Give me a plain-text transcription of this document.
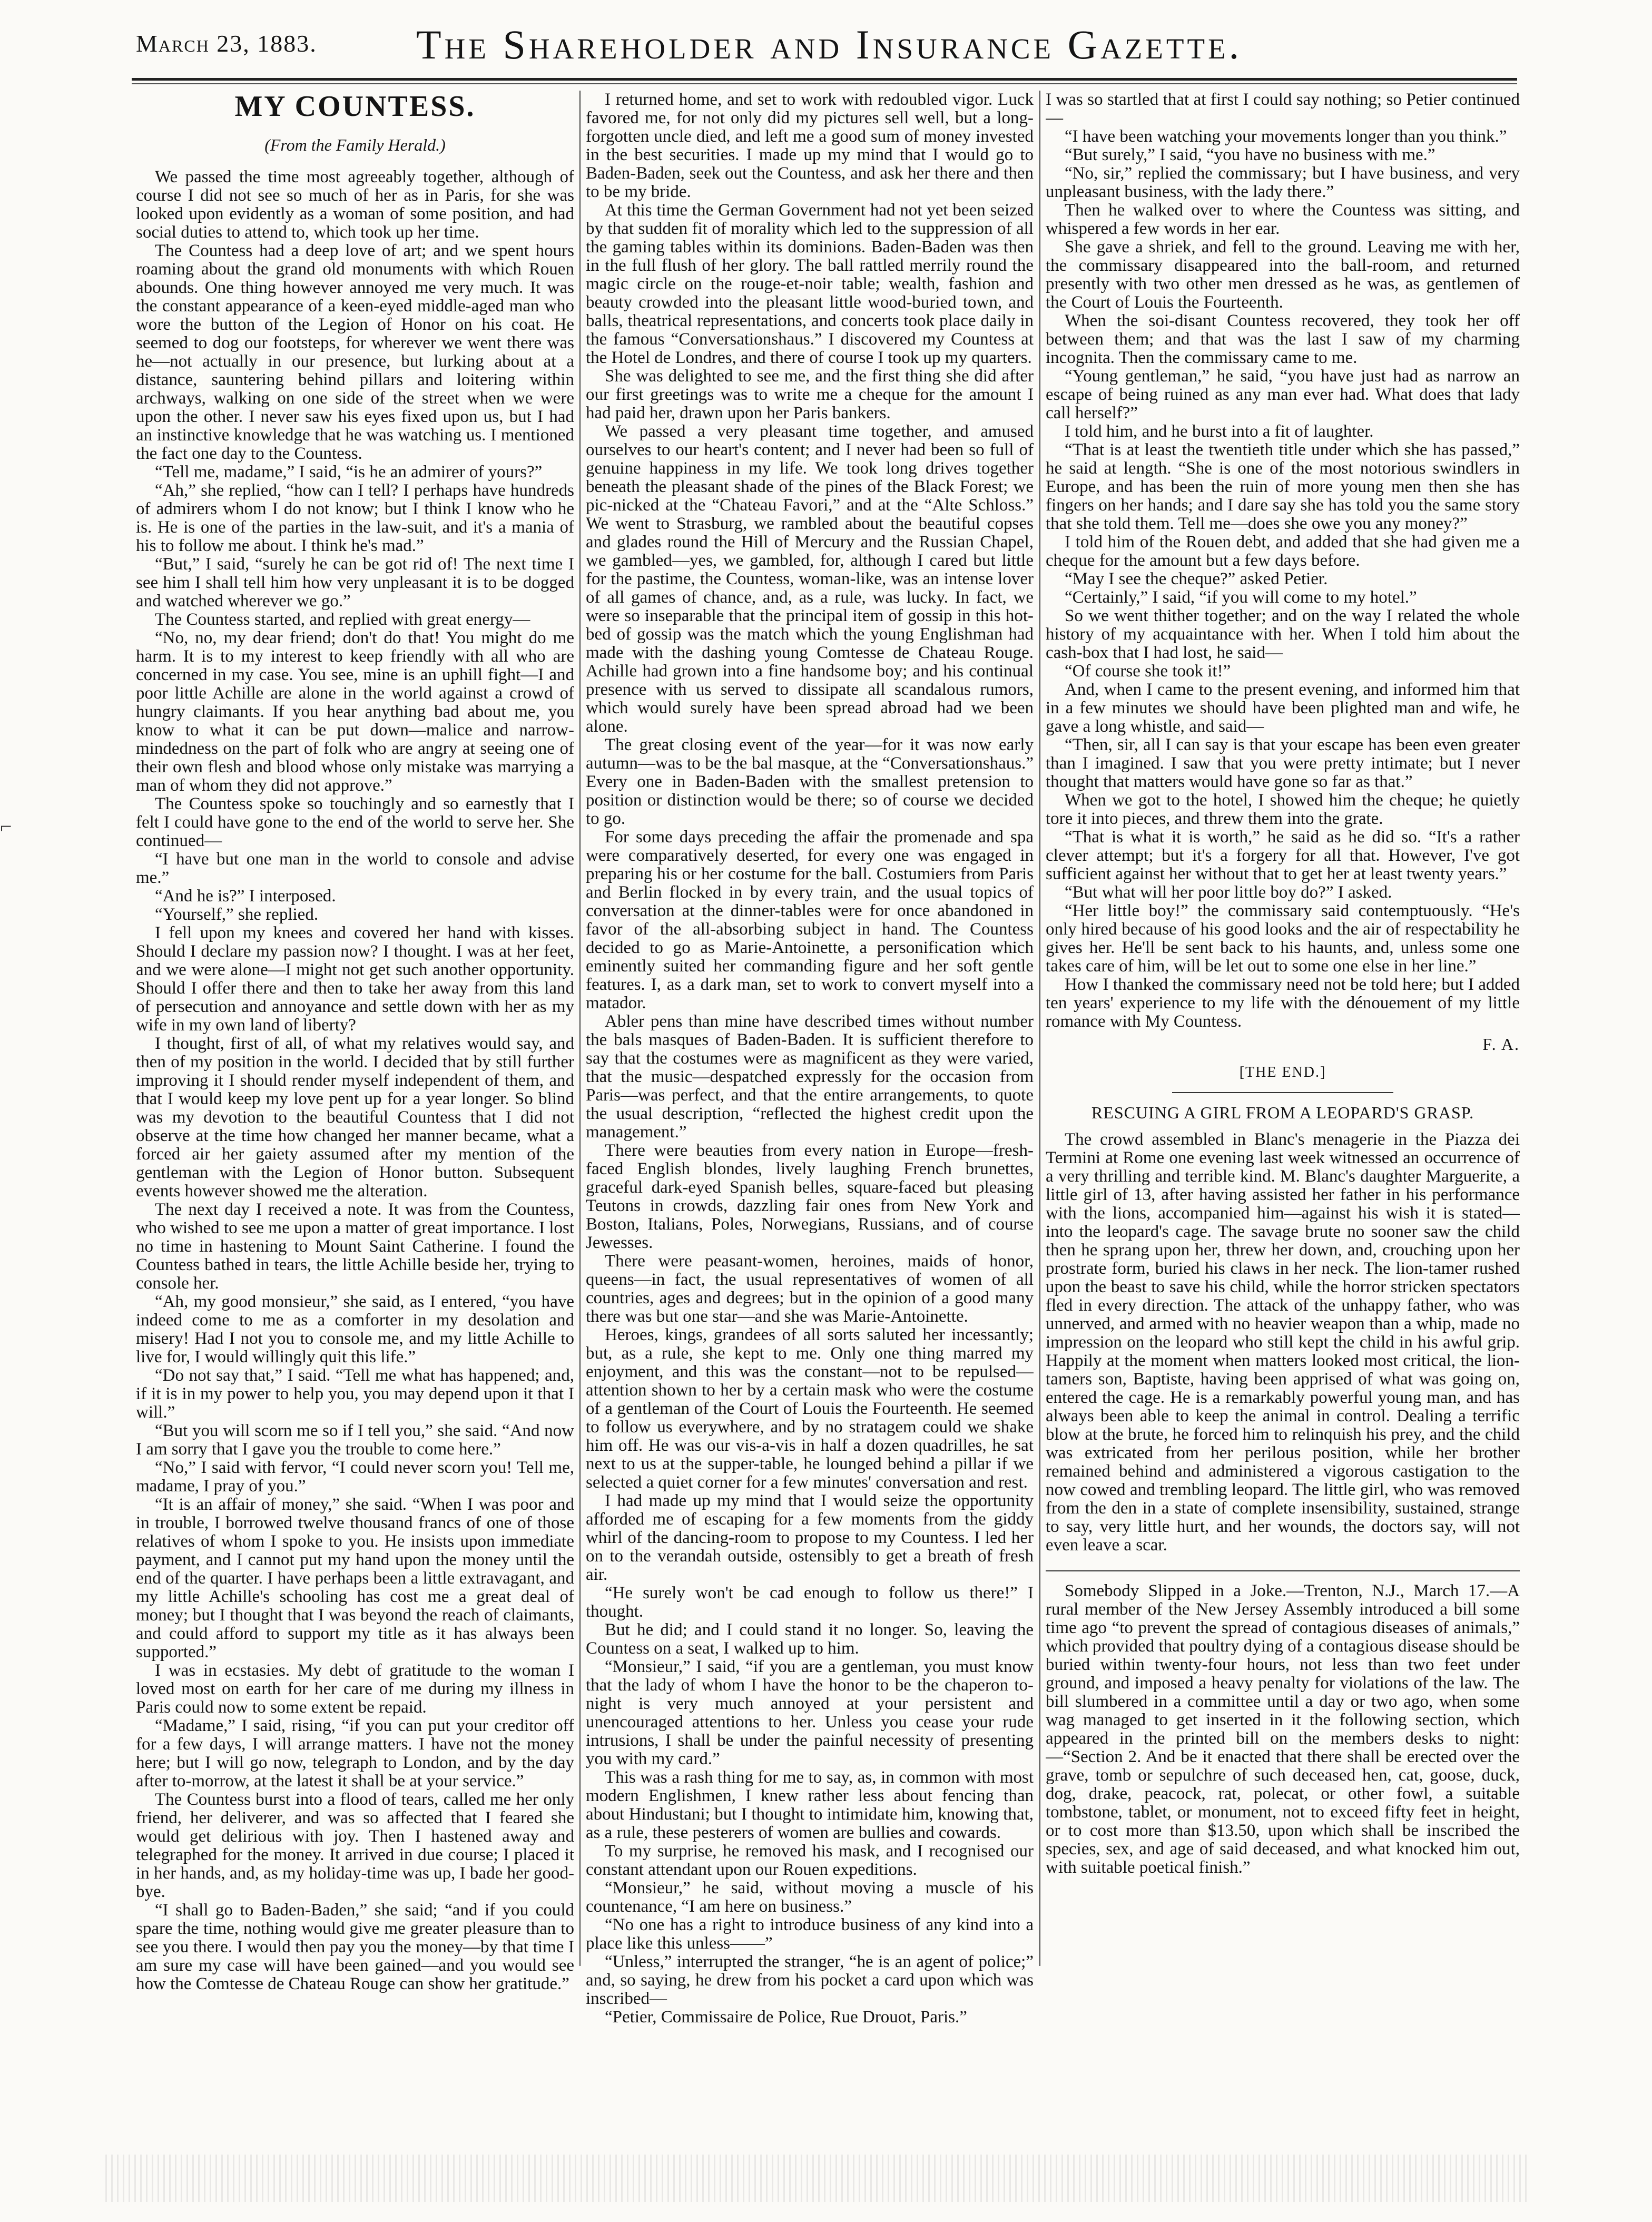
March 23, 1883. The Shareholder and Insurance Gazette.
⌐
MY COUNTESS.
(From the Family Herald.)

We passed the time most agreeably together, although of course I did not see so much of her as in Paris, for she was looked upon evidently as a woman of some position, and had social duties to attend to, which took up her time.

The Countess had a deep love of art; and we spent hours roaming about the grand old monuments with which Rouen abounds. One thing however annoyed me very much. It was the constant appearance of a keen-eyed middle-aged man who wore the button of the Legion of Honor on his coat. He seemed to dog our footsteps, for wherever we went there was he—not actually in our presence, but lurking about at a distance, sauntering behind pillars and loitering within archways, walking on one side of the street when we were upon the other. I never saw his eyes fixed upon us, but I had an instinctive knowledge that he was watching us. I mentioned the fact one day to the Countess.

“Tell me, madame,” I said, “is he an admirer of yours?”

“Ah,” she replied, “how can I tell? I perhaps have hundreds of admirers whom I do not know; but I think I know who he is. He is one of the parties in the law-suit, and it's a mania of his to follow me about. I think he's mad.”

“But,” I said, “surely he can be got rid of! The next time I see him I shall tell him how very unpleasant it is to be dogged and watched wherever we go.”

The Countess started, and replied with great energy—

“No, no, my dear friend; don't do that! You might do me harm. It is to my interest to keep friendly with all who are concerned in my case. You see, mine is an uphill fight—I and poor little Achille are alone in the world against a crowd of hungry claimants. If you hear anything bad about me, you know to what it can be put down—malice and narrow-mindedness on the part of folk who are angry at seeing one of their own flesh and blood whose only mistake was marrying a man of whom they did not approve.”

The Countess spoke so touchingly and so earnestly that I felt I could have gone to the end of the world to serve her. She continued—

“I have but one man in the world to console and advise me.”

“And he is?” I interposed.

“Yourself,” she replied.

I fell upon my knees and covered her hand with kisses. Should I declare my passion now? I thought. I was at her feet, and we were alone—I might not get such another opportunity. Should I offer there and then to take her away from this land of persecution and annoyance and settle down with her as my wife in my own land of liberty?

I thought, first of all, of what my relatives would say, and then of my position in the world. I decided that by still further improving it I should render myself independent of them, and that I would keep my love pent up for a year longer. So blind was my devotion to the beautiful Countess that I did not observe at the time how changed her manner became, what a forced air her gaiety assumed after my mention of the gentleman with the Legion of Honor button. Subsequent events however showed me the alteration.

The next day I received a note. It was from the Countess, who wished to see me upon a matter of great importance. I lost no time in hastening to Mount Saint Catherine. I found the Countess bathed in tears, the little Achille beside her, trying to console her.

“Ah, my good monsieur,” she said, as I entered, “you have indeed come to me as a comforter in my desolation and misery! Had I not you to console me, and my little Achille to live for, I would willingly quit this life.”

“Do not say that,” I said. “Tell me what has happened; and, if it is in my power to help you, you may depend upon it that I will.”

“But you will scorn me so if I tell you,” she said. “And now I am sorry that I gave you the trouble to come here.”

“No,” I said with fervor, “I could never scorn you! Tell me, madame, I pray of you.”

“It is an affair of money,” she said. “When I was poor and in trouble, I borrowed twelve thousand francs of one of those relatives of whom I spoke to you. He insists upon immediate payment, and I cannot put my hand upon the money until the end of the quarter. I have perhaps been a little extravagant, and my little Achille's schooling has cost me a great deal of money; but I thought that I was beyond the reach of claimants, and could afford to support my title as it has always been supported.”

I was in ecstasies. My debt of gratitude to the woman I loved most on earth for her care of me during my illness in Paris could now to some extent be repaid.

“Madame,” I said, rising, “if you can put your creditor off for a few days, I will arrange matters. I have not the money here; but I will go now, telegraph to London, and by the day after to-morrow, at the latest it shall be at your service.”

The Countess burst into a flood of tears, called me her only friend, her deliverer, and was so affected that I feared she would get delirious with joy. Then I hastened away and telegraphed for the money. It arrived in due course; I placed it in her hands, and, as my holiday-time was up, I bade her good-bye.

“I shall go to Baden-Baden,” she said; “and if you could spare the time, nothing would give me greater pleasure than to see you there. I would then pay you the money—by that time I am sure my case will have been gained—and you would see how the Comtesse de Chateau Rouge can show her gratitude.”

I returned home, and set to work with redoubled vigor. Luck favored me, for not only did my pictures sell well, but a long-forgotten uncle died, and left me a good sum of money invested in the best securities. I made up my mind that I would go to Baden-Baden, seek out the Countess, and ask her there and then to be my bride.

At this time the German Government had not yet been seized by that sudden fit of morality which led to the suppression of all the gaming tables within its dominions. Baden-Baden was then in the full flush of her glory. The ball rattled merrily round the magic circle on the rouge-et-noir table; wealth, fashion and beauty crowded into the pleasant little wood-buried town, and balls, theatrical representations, and concerts took place daily in the famous “Conversationshaus.” I discovered my Countess at the Hotel de Londres, and there of course I took up my quarters.

She was delighted to see me, and the first thing she did after our first greetings was to write me a cheque for the amount I had paid her, drawn upon her Paris bankers.

We passed a very pleasant time together, and amused ourselves to our heart's content; and I never had been so full of genuine happiness in my life. We took long drives together beneath the pleasant shade of the pines of the Black Forest; we pic-nicked at the “Chateau Favori,” and at the “Alte Schloss.” We went to Strasburg, we rambled about the beautiful copses and glades round the Hill of Mercury and the Russian Chapel, we gambled—yes, we gambled, for, although I cared but little for the pastime, the Countess, woman-like, was an intense lover of all games of chance, and, as a rule, was lucky. In fact, we were so inseparable that the principal item of gossip in this hot-bed of gossip was the match which the young Englishman had made with the dashing young Comtesse de Chateau Rouge. Achille had grown into a fine handsome boy; and his continual presence with us served to dissipate all scandalous rumors, which would surely have been spread abroad had we been alone.

The great closing event of the year—for it was now early autumn—was to be the bal masque, at the “Conversationshaus.” Every one in Baden-Baden with the smallest pretension to position or distinction would be there; so of course we decided to go.

For some days preceding the affair the promenade and spa were comparatively deserted, for every one was engaged in preparing his or her costume for the ball. Costumiers from Paris and Berlin flocked in by every train, and the usual topics of conversation at the dinner-tables were for once abandoned in favor of the all-absorbing subject in hand. The Countess decided to go as Marie-Antoinette, a personification which eminently suited her commanding figure and her soft gentle features. I, as a dark man, set to work to convert myself into a matador.

Abler pens than mine have described times without number the bals masques of Baden-Baden. It is sufficient therefore to say that the costumes were as magnificent as they were varied, that the music—despatched expressly for the occasion from Paris—was perfect, and that the entire arrangements, to quote the usual description, “reflected the highest credit upon the management.”

There were beauties from every nation in Europe—fresh-faced English blondes, lively laughing French brunettes, graceful dark-eyed Spanish belles, square-faced but pleasing Teutons in crowds, dazzling fair ones from New York and Boston, Italians, Poles, Norwegians, Russians, and of course Jewesses.

There were peasant-women, heroines, maids of honor, queens—in fact, the usual representatives of women of all countries, ages and degrees; but in the opinion of a good many there was but one star—and she was Marie-Antoinette.

Heroes, kings, grandees of all sorts saluted her incessantly; but, as a rule, she kept to me. Only one thing marred my enjoyment, and this was the constant—not to be repulsed—attention shown to her by a certain mask who were the costume of a gentleman of the Court of Louis the Fourteenth. He seemed to follow us everywhere, and by no stratagem could we shake him off. He was our vis-a-vis in half a dozen quadrilles, he sat next to us at the supper-table, he lounged behind a pillar if we selected a quiet corner for a few minutes' conversation and rest.

I had made up my mind that I would seize the opportunity afforded me of escaping for a few moments from the giddy whirl of the dancing-room to propose to my Countess. I led her on to the verandah outside, ostensibly to get a breath of fresh air.

“He surely won't be cad enough to follow us there!” I thought.

But he did; and I could stand it no longer. So, leaving the Countess on a seat, I walked up to him.

“Monsieur,” I said, “if you are a gentleman, you must know that the lady of whom I have the honor to be the chaperon to-night is very much annoyed at your persistent and unencouraged attentions to her. Unless you cease your rude intrusions, I shall be under the painful necessity of presenting you with my card.”

This was a rash thing for me to say, as, in common with most modern Englishmen, I knew rather less about fencing than about Hindustani; but I thought to intimidate him, knowing that, as a rule, these pesterers of women are bullies and cowards.

To my surprise, he removed his mask, and I recognised our constant attendant upon our Rouen expeditions.

“Monsieur,” he said, without moving a muscle of his countenance, “I am here on business.”

“No one has a right to introduce business of any kind into a place like this unless——”

“Unless,” interrupted the stranger, “he is an agent of police;” and, so saying, he drew from his pocket a card upon which was inscribed—

“Petier, Commissaire de Police, Rue Drouot, Paris.”

I was so startled that at first I could say nothing; so Petier continued—

“I have been watching your movements longer than you think.”

“But surely,” I said, “you have no business with me.”

“No, sir,” replied the commissary; but I have business, and very unpleasant business, with the lady there.”

Then he walked over to where the Countess was sitting, and whispered a few words in her ear.

She gave a shriek, and fell to the ground. Leaving me with her, the commissary disappeared into the ball-room, and returned presently with two other men dressed as he was, as gentlemen of the Court of Louis the Fourteenth.

When the soi-disant Countess recovered, they took her off between them; and that was the last I saw of my charming incognita. Then the commissary came to me.

“Young gentleman,” he said, “you have just had as narrow an escape of being ruined as any man ever had. What does that lady call herself?”

I told him, and he burst into a fit of laughter.

“That is at least the twentieth title under which she has passed,” he said at length. “She is one of the most notorious swindlers in Europe, and has been the ruin of more young men then she has fingers on her hands; and I dare say she has told you the same story that she told them. Tell me—does she owe you any money?”

I told him of the Rouen debt, and added that she had given me a cheque for the amount but a few days before.

“May I see the cheque?” asked Petier.

“Certainly,” I said, “if you will come to my hotel.”

So we went thither together; and on the way I related the whole history of my acquaintance with her. When I told him about the cash-box that I had lost, he said—

“Of course she took it!”

And, when I came to the present evening, and informed him that in a few minutes we should have been plighted man and wife, he gave a long whistle, and said—

“Then, sir, all I can say is that your escape has been even greater than I imagined. I saw that you were pretty intimate; but I never thought that matters would have gone so far as that.”

When we got to the hotel, I showed him the cheque; he quietly tore it into pieces, and threw them into the grate.

“That is what it is worth,” he said as he did so. “It's a rather clever attempt; but it's a forgery for all that. However, I've got sufficient against her without that to get her at least twenty years.”

“But what will her poor little boy do?” I asked.

“Her little boy!” the commissary said contemptuously. “He's only hired because of his good looks and the air of respectability he gives her. He'll be sent back to his haunts, and, unless some one takes care of him, will be let out to some one else in her line.”

How I thanked the commissary need not be told here; but I added ten years' experience to my life with the dénouement of my little romance with My Countess.

F. A.
[THE END.]
RESCUING A GIRL FROM A LEOPARD'S GRASP.

The crowd assembled in Blanc's menagerie in the Piazza dei Termini at Rome one evening last week witnessed an occurrence of a very thrilling and terrible kind. M. Blanc's daughter Marguerite, a little girl of 13, after having assisted her father in his performance with the lions, accompanied him—against his wish it is stated—into the leopard's cage. The savage brute no sooner saw the child then he sprang upon her, threw her down, and, crouching upon her prostrate form, buried his claws in her neck. The lion-tamer rushed upon the beast to save his child, while the horror stricken spectators fled in every direction. The attack of the unhappy father, who was unnerved, and armed with no heavier weapon than a whip, made no impression on the leopard who still kept the child in his awful grip. Happily at the moment when matters looked most critical, the lion-tamers son, Baptiste, having been apprised of what was going on, entered the cage. He is a remarkably powerful young man, and has always been able to keep the animal in control. Dealing a terrific blow at the brute, he forced him to relinquish his prey, and the child was extricated from her perilous position, while her brother remained behind and administered a vigorous castigation to the now cowed and trembling leopard. The little girl, who was removed from the den in a state of complete insensibility, sustained, strange to say, very little hurt, and her wounds, the doctors say, will not even leave a scar.

Somebody Slipped in a Joke.—Trenton, N.J., March 17.—A rural member of the New Jersey Assembly introduced a bill some time ago “to prevent the spread of contagious diseases of animals,” which provided that poultry dying of a contagious disease should be buried within twenty-four hours, not less than two feet under ground, and imposed a heavy penalty for violations of the law. The bill slumbered in a committee until a day or two ago, when some wag managed to get inserted in it the following section, which appeared in the printed bill on the members desks to night:—“Section 2. And be it enacted that there shall be erected over the grave, tomb or sepulchre of such deceased hen, cat, goose, duck, dog, drake, peacock, rat, polecat, or other fowl, a suitable tombstone, tablet, or monument, not to exceed fifty feet in height, or to cost more than $13.50, upon which shall be inscribed the species, sex, and age of said deceased, and what knocked him out, with suitable poetical finish.”
